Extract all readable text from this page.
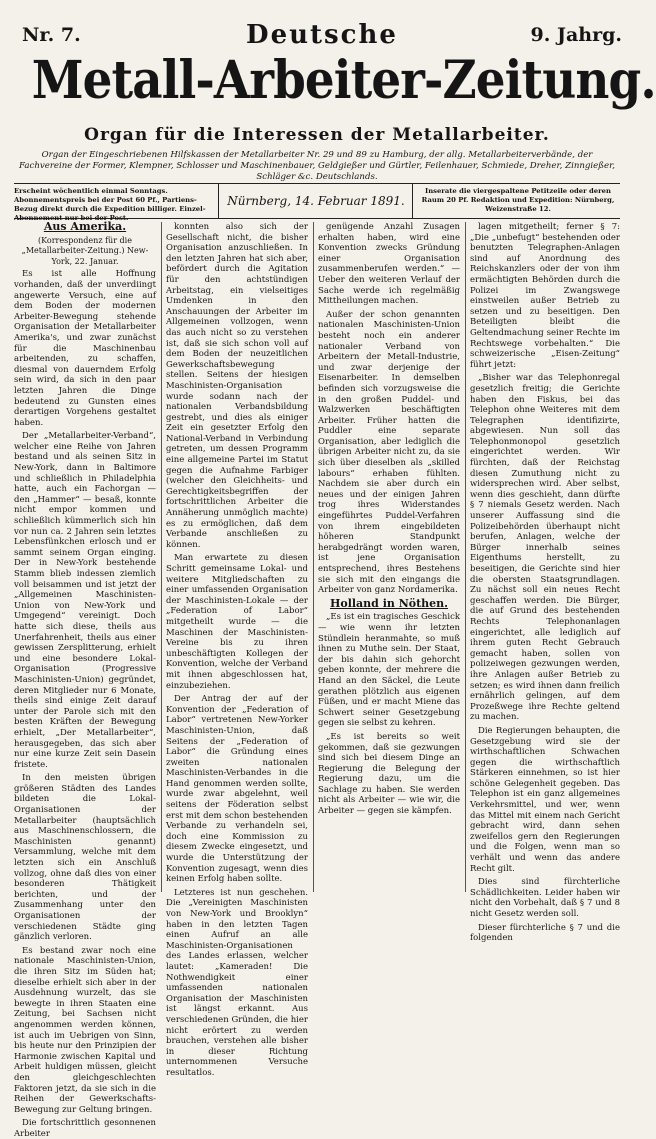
Nr. 7.	Deutsche	9. Jahrg.
Metall-Arbeiter-Zeitung.
Organ für die Interessen der Metallarbeiter.
Organ der Eingeschriebenen Hilfskassen der Metallarbeiter Nr. 29 und 89 zu Hamburg, der allg. Metallarbeiterverbände, der Fachvereine der Former, Klempner, Schlosser und Maschinenbauer, Geldgießer und Gürtler, Feilenhauer, Schmiede, Dreher, Zinngießer, Schläger &c. Deutschlands.
Erscheint wöchentlich einmal Sonntags. Abonnementspreis bei der Post 60 Pf., Partiens-Bezug direkt durch die Expedition billiger. Einzel-Abonnement nur bei der Post.
Nürnberg, 14. Februar 1891.
Inserate die viergespaltene Petitzeile oder deren Raum 20 Pf. Redaktion und Expedition: Nürnberg, Weizenstraße 12.

Aus Amerika.

(Korrespondenz für die „Metallarbeiter-Zeitung.) New-York, 22. Januar.

Es ist alle Hoffnung vorhanden, daß der unverdiingt angewerte Versuch, eine auf dem Boden der modernen Arbeiter-Bewegung stehende Organisation der Metallarbeiter Amerika's, und zwar zunächst für die Maschinenbau arbeitenden, zu schaffen, diesmal von dauerndem Erfolg sein wird, da sich in den paar letzten Jahren die Dinge bedeutend zu Gunsten eines derartigen Vorgehens gestaltet haben.

Der „Metallarbeiter-Verband“, welcher eine Reihe von Jahren bestand und als seinen Sitz in New-York, dann in Baltimore und schließlich in Philadelphia hatte, auch ein Fachorgan — den „Hammer“ — besaß, konnte nicht empor kommen und schließlich kümmerlich sich hin vor nun ca. 2 Jahren sein letztes Lebensfünkchen erlosch und er sammt seinem Organ einging. Der in New-York bestehende Stamm blieb indessen ziemlich voll beisammen und ist jetzt der „Allgemeinen Maschinisten-Union von New-York und Umgegend“ vereinigt. Doch hatte sich diese, theils aus Unerfahrenheit, theils aus einer gewissen Zersplitterung, erhielt und eine besondere Lokal-Organisation (Progressive Maschinisten-Union) gegründet, deren Mitglieder nur 6 Monate, theils sind einige Zeit darauf unter der Parole sich mit den besten Kräften der Bewegung erhielt, „Der Metallarbeiter“, herausgegeben, das sich aber nur eine kurze Zeit sein Dasein fristete.

In den meisten übrigen größeren Städten des Landes bildeten die Lokal-Organisationen der Metallarbeiter (hauptsächlich aus Maschinenschlossern, die Maschinisten genannt) Versammlung, welche mit dem letzten sich ein Anschluß vollzog, ohne daß dies von einer besonderen Thätigkeit berichten, und der Zusammenhang unter den Organisationen der verschiedenen Städte ging gänzlich verloren.

Es bestand zwar noch eine nationale Maschinisten-Union, die ihren Sitz im Süden hat; dieselbe erhielt sich aber in der Ausdehnung wurzelt, das sie bewegte in ihren Staaten eine Zeitung, bei Sachsen nicht angenommen werden können, ist auch im Uebrigen von Sinn, bis heute nur den Prinzipien der Harmonie zwischen Kapital und Arbeit huldigen müssen, gleicht den gleichgeschlechten Faktoren jetzt, da sie sich in die Reihen der Gewerkschafts-Bewegung zur Geltung bringen.

Die fortschrittlich gesonnenen Arbeiter

konnten also sich der Gesellschaft nicht, die bisher Organisation anzuschließen. In den letzten Jahren hat sich aber, befördert durch die Agitation für den achtstündigen Arbeitstag, ein vielseitiges Umdenken in den Anschauungen der Arbeiter im Allgemeinen vollzogen, wenn das auch nicht so zu verstehen ist, daß sie sich schon voll auf dem Boden der neuzeitlichen Gewerkschaftsbewegung stellen. Seitens der hiesigen Maschinisten-Organisation wurde sodann nach der nationalen Verbandsbildung gestrebt, und dies als einiger Zeit ein gesetzter Erfolg den National-Verband in Verbindung getreten, um dessen Programm eine allgemeine Partei im Statut gegen die Aufnahme Farbiger (welcher den Gleichheits- und Gerechtigkeitsbegriffen der fortschrittlichen Arbeiter die Annäherung unmöglich machte) es zu ermöglichen, daß dem Verbande anschließen zu können.

Man erwartete zu diesen Schritt gemeinsame Lokal- und weitere Mitgliedschaften zu einer umfassenden Organisation der Maschinisten-Lokale — der „Federation of Labor“ mitgetheilt wurde — die Maschinen der Maschinisten-Vereine bis zu ihren unbeschäftigten Kollegen der Konvention, welche der Verband mit ihnen abgeschlossen hat, einzubeziehen.

Der Antrag der auf der Konvention der „Federation of Labor“ vertretenen New-Yorker Maschinisten-Union, daß Seitens der „Federation of Labor“ die Gründung eines zweiten nationalen Maschinisten-Verbandes in die Hand genommen werden sollte, wurde zwar abgelehnt, weil seitens der Föderation selbst erst mit dem schon bestehenden Verbande zu verhandeln sei, doch eine Kommission zu diesem Zwecke eingesetzt, und wurde die Unterstützung der Konvention zugesagt, wenn dies keinen Erfolg haben sollte.

Letzteres ist nun geschehen. Die „Vereinigten Maschinisten von New-York und Brooklyn“ haben in den letzten Tagen einen Aufruf an alle Maschinisten-Organisationen des Landes erlassen, welcher lautet: „Kameraden! Die Nothwendigkeit einer umfassenden nationalen Organisation der Maschinisten ist längst erkannt. Aus verschiedenen Gründen, die hier nicht erörtert zu werden brauchen, verstehen alle bisher in dieser Richtung unternommenen Versuche resultatlos.

genügende Anzahl Zusagen erhalten haben, wird eine Konvention zwecks Gründung einer Organisation zusammenberufen werden.“ — Ueber den weiteren Verlauf der Sache werde ich regelmäßig Mittheilungen machen.

Außer der schon genannten nationalen Maschinisten-Union besteht noch ein anderer nationaler Verband von Arbeitern der Metall-Industrie, und zwar derjenige der Eisenarbeiter. In demselben befinden sich vorzugsweise die in den großen Puddel- und Walzwerken beschäftigten Arbeiter. Früher hatten die Puddler eine separate Organisation, aber lediglich die übrigen Arbeiter nicht zu, da sie sich über dieselben als „skilled labours“ erhaben fühlten. Nachdem sie aber durch ein neues und der einigen Jahren trog ihres Widerstandes eingeführtes Puddel-Verfahren von ihrem eingebildeten höheren Standpunkt herabgedrängt worden waren, ist jene Organisation entsprechend, ihres Bestehens sie sich mit den eingangs die Arbeiter von ganz Nordamerika.

Holland in Nöthen.

„Es ist ein tragisches Geschick — wie wenn ihr letzten Stündlein heranmahte, so muß ihnen zu Muthe sein. Der Staat, der bis dahin sich gehorcht geben konnte, der mehrere die Hand an den Säckel, die Leute gerathen plötzlich aus eigenen Füßen, und er macht Miene das Schwert seiner Gesetzgebung gegen sie selbst zu kehren.

„Es ist bereits so weit gekommen, daß sie gezwungen sind sich bei diesem Dinge an Regierung die Belegung der Regierung dazu, um die Sachlage zu haben. Sie werden nicht als Arbeiter — wie wir, die Arbeiter — gegen sie kämpfen.

lagen mitgetheilt; ferner § 7: „Die „unbefugt“ bestehenden oder benutzten Telegraphen-Anlagen sind auf Anordnung des Reichskanzlers oder der von ihm ermächtigten Behörden durch die Polizei im Zwangswege einstweilen außer Betrieb zu setzen und zu beseitigen. Den Beteiligten bleibt die Geltendmachung seiner Rechte im Rechtswege vorbehalten.“ Die schweizerische „Eisen-Zeitung“ führt jetzt:

„Bisher war das Telephonregal gesetzlich freitig; die Gerichte haben den Fiskus, bei das Telephon ohne Weiteres mit dem Telegraphen identifizirte, abgewiesen. Nun soll das Telephonmonopol gesetzlich eingerichtet werden. Wir fürchten, daß der Reichstag diesen Zumuthung nicht zu widersprechen wird. Aber selbst, wenn dies geschieht, dann dürfte § 7 niemals Gesetz werden. Nach unserer Auffassung sind die Polizeibehörden überhaupt nicht berufen, Anlagen, welche der Bürger innerhalb seines Eigenthums herstellt, zu beseitigen, die Gerichte sind hier die obersten Staatsgrundlagen. Zu nächst soll ein neues Recht geschaffen werden. Die Bürger, die auf Grund des bestehenden Rechts Telephonanlagen eingerichtet, alle lediglich auf ihrem guten Recht Gebrauch gemacht haben, sollen von polizeiwegen gezwungen werden, ihre Anlagen außer Betrieb zu setzen; es wird ihnen dann freilich ernährlich gelingen, auf dem Prozeßwege ihre Rechte geltend zu machen.

Die Regierungen behaupten, die Gesetzgebung wird sie der wirthschaftlichen Schwachen gegen die wirthschaftlich Stärkeren einnehmen, so ist hier schöne Gelegenheit gegeben. Das Telephon ist ein ganz allgemeines Verkehrsmittel, und wer, wenn das Mittel mit einem nach Gericht gebracht wird, dann sehen zweifellos gern den Regierungen und die Folgen, wenn man so verhält und wenn das andere Recht gilt.

Dies sind fürchterliche Schädlichkeiten. Leider haben wir nicht den Vorbehalt, daß § 7 und 8 nicht Gesetz werden soll.

Dieser fürchterliche § 7 und die folgenden
